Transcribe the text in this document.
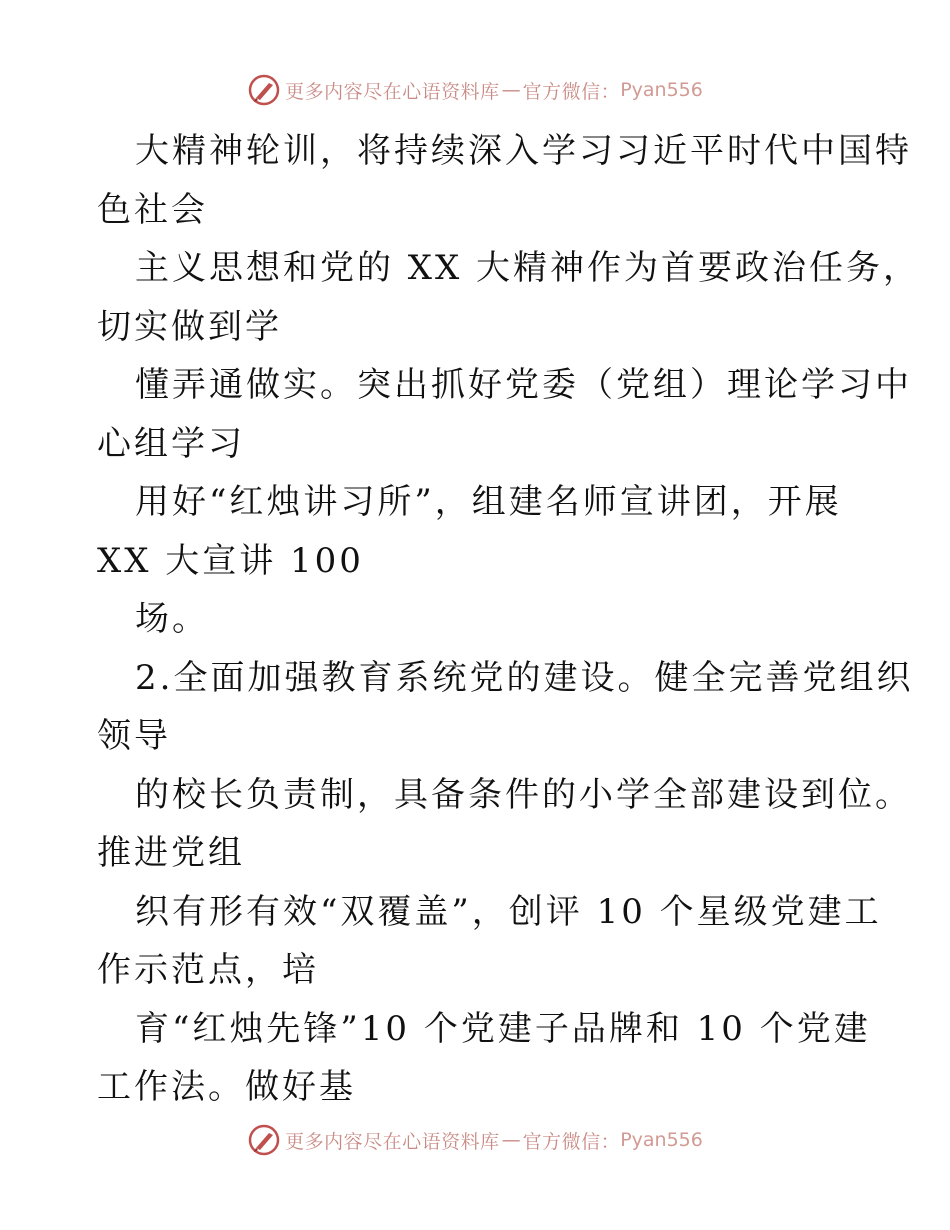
更多内容尽在心语资料库 — 官方微信： Pyan556
大精神轮训，将持续深入学习习近平时代中国特
色社会
主义思想和党的 XX 大精神作为首要政治任务，
切实做到学
懂弄通做实。突出抓好党委（党组）理论学习中
心组学习
用好“红烛讲习所”，组建名师宣讲团，开展
XX 大宣讲 100
场。
2.全面加强教育系统党的建设。健全完善党组织
领导
的校长负责制，具备条件的小学全部建设到位。
推进党组
织有形有效“双覆盖”，创评 10 个星级党建工
作示范点，培
育“红烛先锋”10 个党建子品牌和 10 个党建
工作法。做好基
更多内容尽在心语资料库 — 官方微信： Pyan556
